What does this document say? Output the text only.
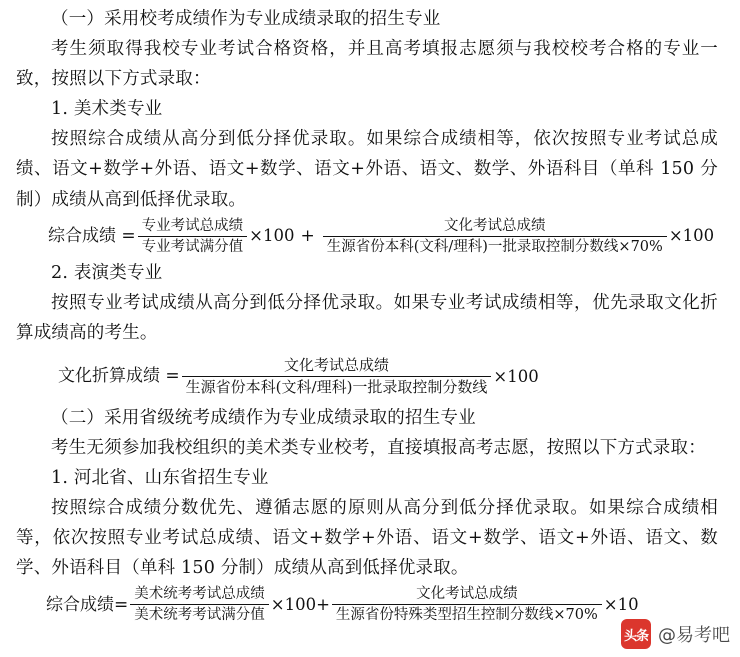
（一）采用校考成绩作为专业成绩录取的招生专业

考生须取得我校专业考试合格资格，并且高考填报志愿须与我校校考合格的专业一致，按照以下方式录取：

1. 美术类专业

按照综合成绩从高分到低分择优录取。如果综合成绩相等，依次按照专业考试总成绩、语文+数学+外语、语文+数学、语文+外语、语文、数学、外语科目（单科 150 分制）成绩从高到低择优录取。

综合成绩 = $\frac{\text{专业考试总成绩}}{\text{专业考试满分值}} \times 100 + \frac{\text{文化考试总成绩}}{\text{生源省份本科(文科/理科)一批录取控制分数线×70\%}} \times 100$

2. 表演类专业

按照专业考试成绩从高分到低分择优录取。如果专业考试成绩相等，优先录取文化折算成绩高的考生。

文化折算成绩 = $\frac{\text{文化考试总成绩}}{\text{生源省份本科(文科/理科)一批录取控制分数线}} \times 100$

（二）采用省级统考成绩作为专业成绩录取的招生专业

考生无须参加我校组织的美术类专业校考，直接填报高考志愿，按照以下方式录取：

1. 河北省、山东省招生专业

按照综合成绩分数优先、遵循志愿的原则从高分到低分择优录取。如果综合成绩相等，依次按照专业考试总成绩、语文+数学+外语、语文+数学、语文+外语、语文、数学、外语科目（单科 150 分制）成绩从高到低择优录取。

综合成绩= $\frac{\text{美术统考考试总成绩}}{\text{美术统考考试满分值}} \times 100+ \frac{\text{文化考试总成绩}}{\text{生源省份特殊类型招生控制分数线×70\%}} \times 10$
头条 @易考吧
